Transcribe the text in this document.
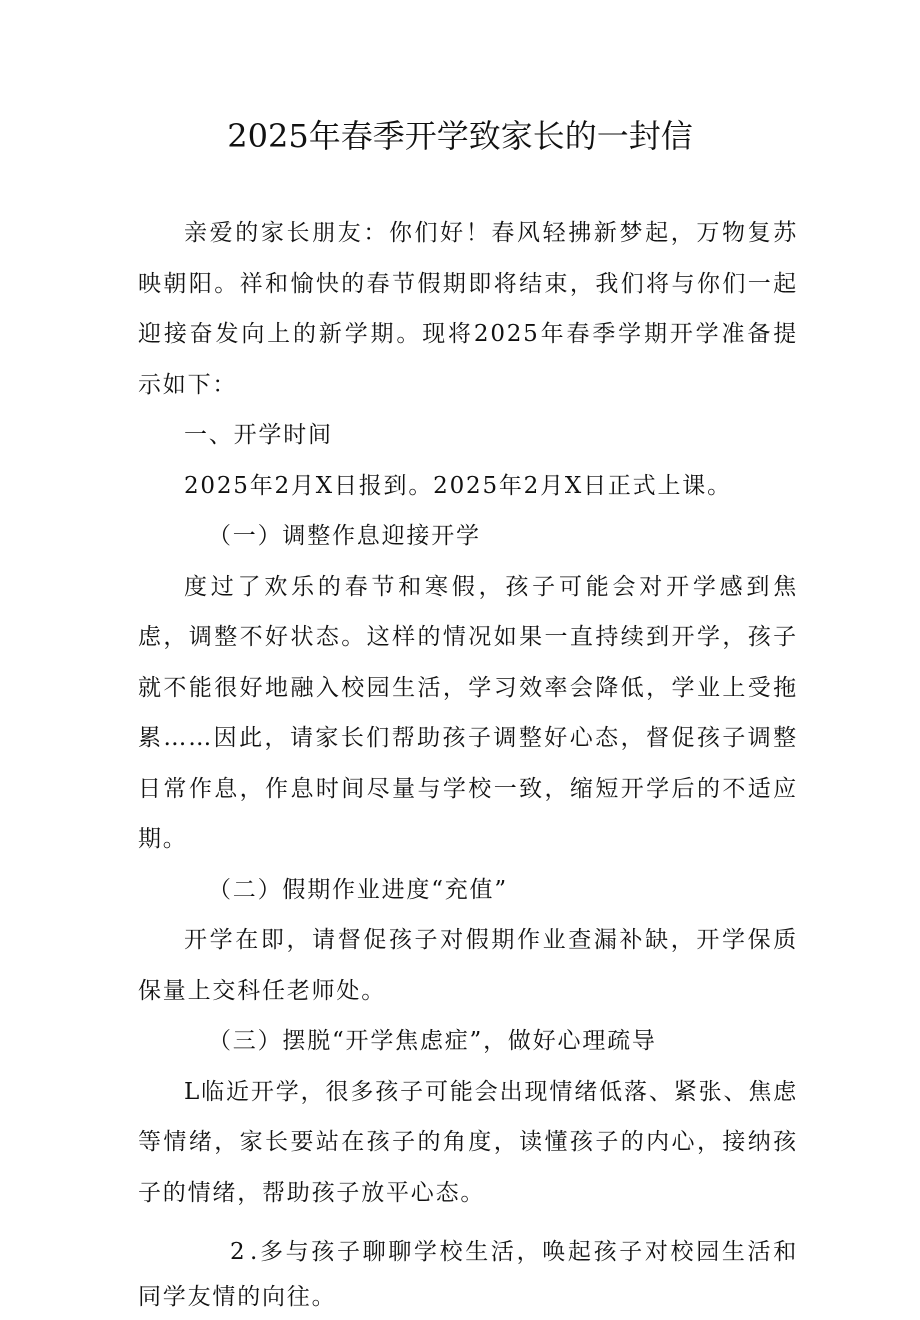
2025年春季开学致家长的一封信

亲爱的家长朋友：你们好！春风轻拂新梦起，万物复苏映朝阳。祥和愉快的春节假期即将结束，我们将与你们一起迎接奋发向上的新学期。现将2025年春季学期开学准备提示如下：

一、开学时间

2025年2月X日报到。2025年2月X日正式上课。

（一）调整作息迎接开学

度过了欢乐的春节和寒假，孩子可能会对开学感到焦虑，调整不好状态。这样的情况如果一直持续到开学，孩子就不能很好地融入校园生活，学习效率会降低，学业上受拖累……因此，请家长们帮助孩子调整好心态，督促孩子调整日常作息，作息时间尽量与学校一致，缩短开学后的不适应期。

（二）假期作业进度“充值”

开学在即，请督促孩子对假期作业查漏补缺，开学保质保量上交科任老师处。

（三）摆脱“开学焦虑症”，做好心理疏导

L临近开学，很多孩子可能会出现情绪低落、紧张、焦虑等情绪，家长要站在孩子的角度，读懂孩子的内心，接纳孩子的情绪，帮助孩子放平心态。

2 .多与孩子聊聊学校生活，唤起孩子对校园生活和同学友情的向往。
